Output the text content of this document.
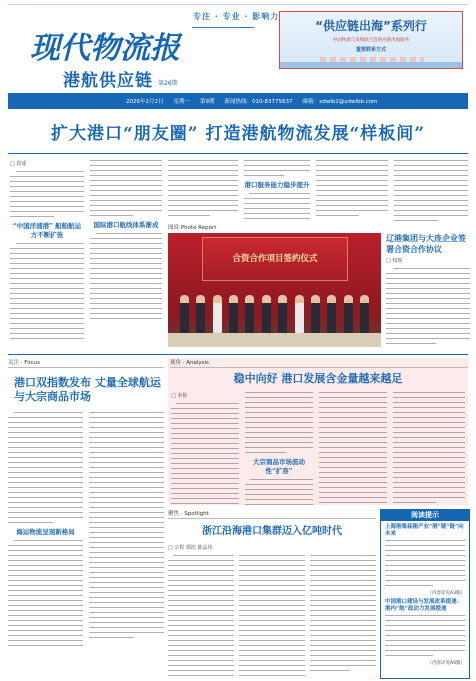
现代物流报
专注 · 专业 · 影响力
港航供应链 第26期
“供应链出海”系列行
中国物流与采购联合会供应链出海服务
重要联系方式
2026年2月2日 星期一 第9期 新闻热线：010-83775637 邮箱：xdwlb2@xdwlbb.com
扩大港口“朋友圈” 打造港航物流发展“样板间”
□ 段成
“中国洋浦港” 船舶航运方不断扩张
国际港口航线体系渐成
港口服务能力稳步提升
图说·Photo Report
合资合作项目签约仪式
辽港集团与大连企业签署合资合作协议
□ 权锐
关注 · Focus
港口双指数发布 丈量全球航运与大宗商品市场
海运物流呈现新格局
视角 · Analysis
稳中向好 港口发展含金量越来越足
□ 本报
大宗商品市场流动性“扩容”
聚焦 · Spotlight
浙江沿海港口集群迈入亿吨时代
□ 宗程 郑滨 陈晶伟
阅读提示
上海港集装箱产业“港”链“链”向未来
（内容详见A3版）
中国港口建设与发展改革提速：港内“航”政动力发展提速
（内容详见A4版）
